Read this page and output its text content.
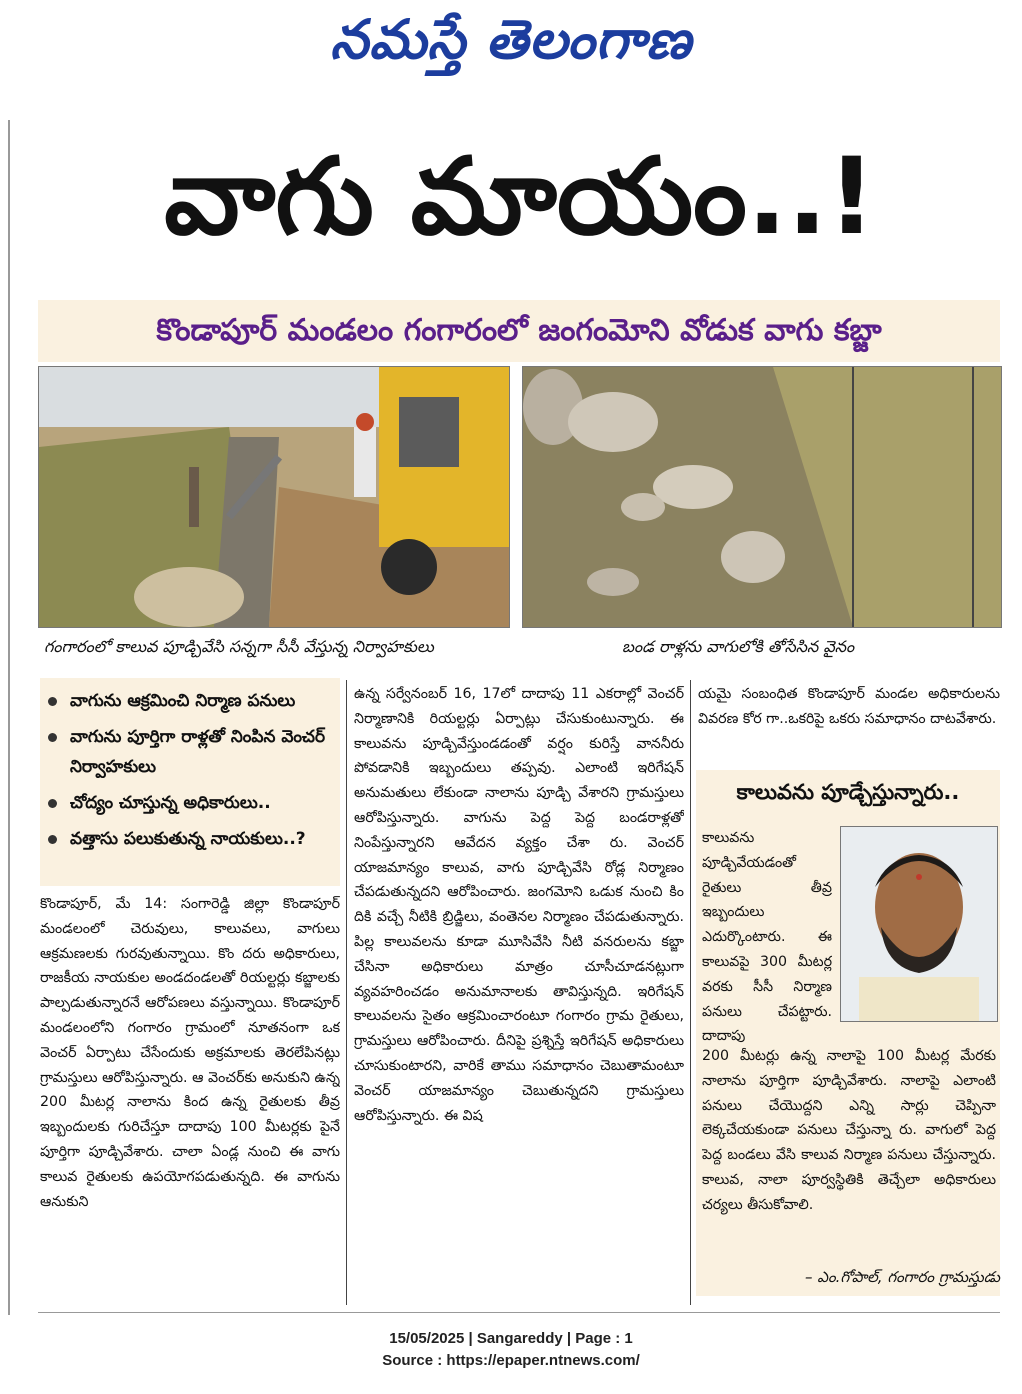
నమస్తే తెలంగాణ
వాగు మాయం..!
కొండాపూర్ మండలం గంగారంలో జంగంమోని వోడుక వాగు కబ్జా
గంగారంలో కాలువ పూడ్చివేసి సన్నగా సీసీ వేస్తున్న నిర్వాహకులు	బండ రాళ్లను వాగులోకి తోసేసిన వైనం
వాగును ఆక్రమించి నిర్మాణ పనులు
వాగును పూర్తిగా రాళ్లతో నింపిన వెంచర్ నిర్వాహకులు
చోద్యం చూస్తున్న అధికారులు..
వత్తాసు పలుకుతున్న నాయకులు..?
కొండాపూర్, మే 14: సంగారెడ్డి జిల్లా కొండాపూర్ మండలంలో చెరువులు, కాలువలు, వాగులు ఆక్రమణలకు గురవుతున్నాయి. కొం దరు అధికారులు, రాజకీయ నాయకుల అండదండలతో రియల్టర్లు కబ్జాలకు పాల్పడుతున్నారనే ఆరోపణలు వస్తున్నాయి. కొండాపూర్ మండలంలోని గంగారం గ్రామంలో నూతనంగా ఒక వెంచర్ ఏర్పాటు చేసేందుకు అక్రమాలకు తెరలేపినట్లు గ్రామస్తులు ఆరోపిస్తున్నారు. ఆ వెంచర్‌కు అనుకుని ఉన్న 200 మీటర్ల నాలాను కింద ఉన్న రైతులకు తీవ్ర ఇబ్బందులకు గురిచేస్తూ దాదాపు 100 మీటర్లకు పైనే పూర్తిగా పూడ్చివేశారు. చాలా ఏండ్ల నుంచి ఈ వాగు కాలువ రైతులకు ఉపయోగపడుతున్నది. ఈ వాగును ఆనుకుని
ఉన్న సర్వేనంబర్ 16, 17లో దాదాపు 11 ఎకరాల్లో వెంచర్ నిర్మాణానికి రియల్టర్లు ఏర్పాట్లు చేసుకుంటున్నారు. ఈ కాలువను పూడ్చివేస్తుండడంతో వర్షం కురిస్తే వాననీరు పోవడానికి ఇబ్బందులు తప్పవు. ఎలాంటి ఇరిగేషన్ అనుమతులు లేకుండా నాలాను పూడ్చి వేశారని గ్రామస్తులు ఆరోపిస్తున్నారు. వాగును పెద్ద పెద్ద బండరాళ్లతో నింపేస్తున్నారని ఆవేదన వ్యక్తం చేశా రు. వెంచర్ యాజమాన్యం కాలువ, వాగు పూడ్చివేసి రోడ్ల నిర్మాణం చేపడుతున్నదని ఆరోపించారు. జంగమోని ఒడుక నుంచి కిం దికి వచ్చే నీటికి బ్రిడ్జిలు, వంతెనల నిర్మాణం చేపడుతున్నారు. పిల్ల కాలువలను కూడా మూసివేసి నీటి వనరులను కబ్జా చేసినా అధికారులు మాత్రం చూసీచూడనట్లుగా వ్యవహరించడం అనుమానాలకు తావిస్తున్నది. ఇరిగేషన్ కాలువలను సైతం ఆక్రమించారంటూ గంగారం గ్రామ రైతులు, గ్రామస్తులు ఆరోపించారు. దీనిపై ప్రశ్నిస్తే ఇరిగేషన్ అధికారులు చూసుకుంటారని, వారికే తాము సమాధానం చెబుతామంటూ వెంచర్ యాజమాన్యం చెబుతున్నదని గ్రామస్తులు ఆరోపిస్తున్నారు. ఈ విష
యమై సంబంధిత కొండాపూర్ మండల అధికారులను వివరణ కోర గా..ఒకరిపై ఒకరు సమాధానం దాటవేశారు.
కాలువను పూడ్చేస్తున్నారు..
కాలువను పూడ్చివేయడంతో రైతులు తీవ్ర ఇబ్బందులు ఎదుర్కొంటారు. ఈ కాలువపై 300 మీటర్ల వరకు సీసీ నిర్మాణ పనులు చేపట్టారు. దాదాపు
200 మీటర్లు ఉన్న నాలాపై 100 మీటర్ల మేరకు నాలాను పూర్తిగా పూడ్చివేశారు. నాలాపై ఎలాంటి పనులు చేయొద్దని ఎన్ని సార్లు చెప్పినా లెక్కచేయకుండా పనులు చేస్తున్నా రు. వాగులో పెద్ద పెద్ద బండలు వేసి కాలువ నిర్మాణ పనులు చేస్తున్నారు. కాలువ, నాలా పూర్వస్థితికి తెచ్చేలా అధికారులు చర్యలు తీసుకోవాలి.
– ఎం.గోపాల్, గంగారం గ్రామస్తుడు
15/05/2025 | Sangareddy | Page : 1
Source : https://epaper.ntnews.com/
